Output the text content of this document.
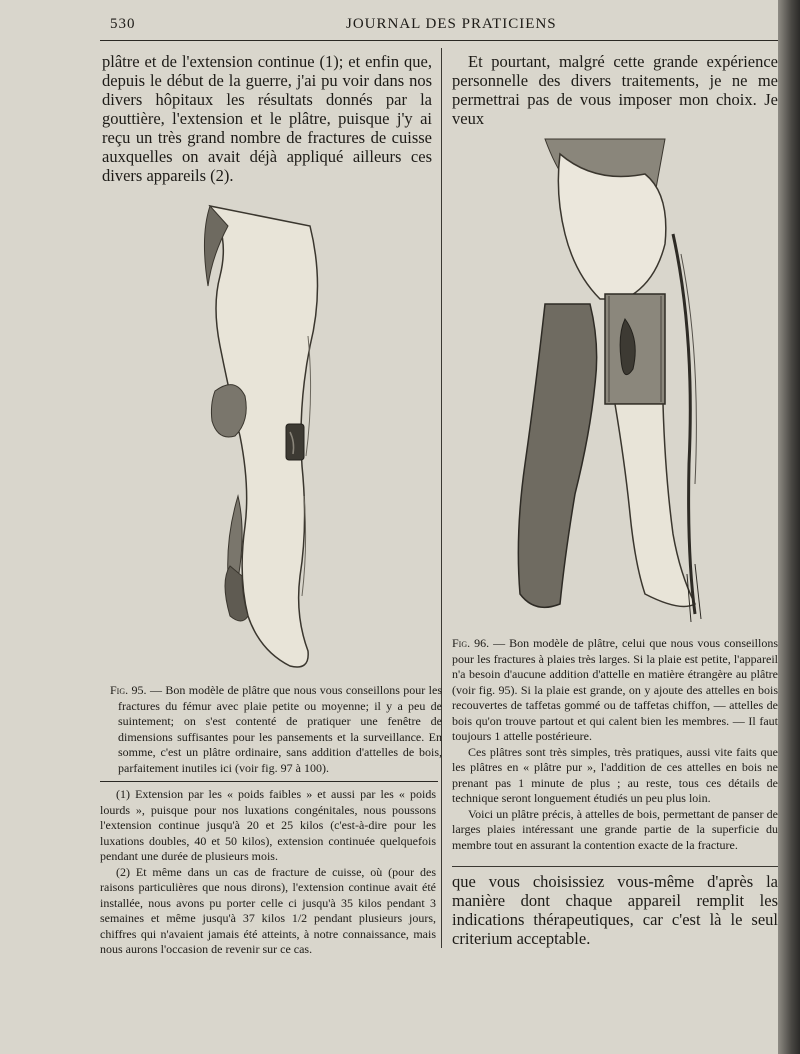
530	JOURNAL DES PRATICIENS

plâtre et de l'extension continue (1); et enfin que, depuis le début de la guerre, j'ai pu voir dans nos divers hôpitaux les résultats donnés par la gouttière, l'extension et le plâtre, puisque j'y ai reçu un très grand nombre de fractures de cuisse auxquelles on avait déjà appliqué ailleurs ces divers appareils (2).

Fig. 95. — Bon modèle de plâtre que nous vous conseillons pour les fractures du fémur avec plaie petite ou moyenne; il y a peu de suintement; on s'est contenté de pratiquer une fenêtre de dimensions suffisantes pour les pansements et la surveillance. En somme, c'est un plâtre ordinaire, sans addition d'attelles de bois, parfaitement inutiles ici (voir fig. 97 à 100).

(1) Extension par les « poids faibles » et aussi par les « poids lourds », puisque pour nos luxations congénitales, nous poussons l'extension continue jusqu'à 20 et 25 kilos (c'est-à-dire pour les luxations doubles, 40 et 50 kilos), extension continuée quelquefois pendant une durée de plusieurs mois.

(2) Et même dans un cas de fracture de cuisse, où (pour des raisons particulières que nous dirons), l'extension continue avait été installée, nous avons pu porter celle ci jusqu'à 35 kilos pendant 3 semaines et même jusqu'à 37 kilos 1/2 pendant plusieurs jours, chiffres qui n'avaient jamais été atteints, à notre connaissance, mais nous aurons l'occasion de revenir sur ce cas.

Et pourtant, malgré cette grande expérience personnelle des divers traitements, je ne me permettrai pas de vous imposer mon choix. Je veux

Fig. 96. — Bon modèle de plâtre, celui que nous vous conseillons pour les fractures à plaies très larges. Si la plaie est petite, l'appareil n'a besoin d'aucune addition d'attelle en matière étrangère au plâtre (voir fig. 95). Si la plaie est grande, on y ajoute des attelles en bois recouvertes de taffetas gommé ou de taffetas chiffon, — attelles de bois qu'on trouve partout et qui calent bien les membres. — Il faut toujours 1 attelle postérieure.

Ces plâtres sont très simples, très pratiques, aussi vite faits que les plâtres en « plâtre pur », l'addition de ces attelles en bois ne prenant pas 1 minute de plus ; au reste, tous ces détails de technique seront longuement étudiés un peu plus loin.

Voici un plâtre précis, à attelles de bois, permettant de panser de larges plaies intéressant une grande partie de la superficie du membre tout en assurant la contention exacte de la fracture.

que vous choisissiez vous-même d'après la manière dont chaque appareil remplit les indications thérapeutiques, car c'est là le seul criterium acceptable.
